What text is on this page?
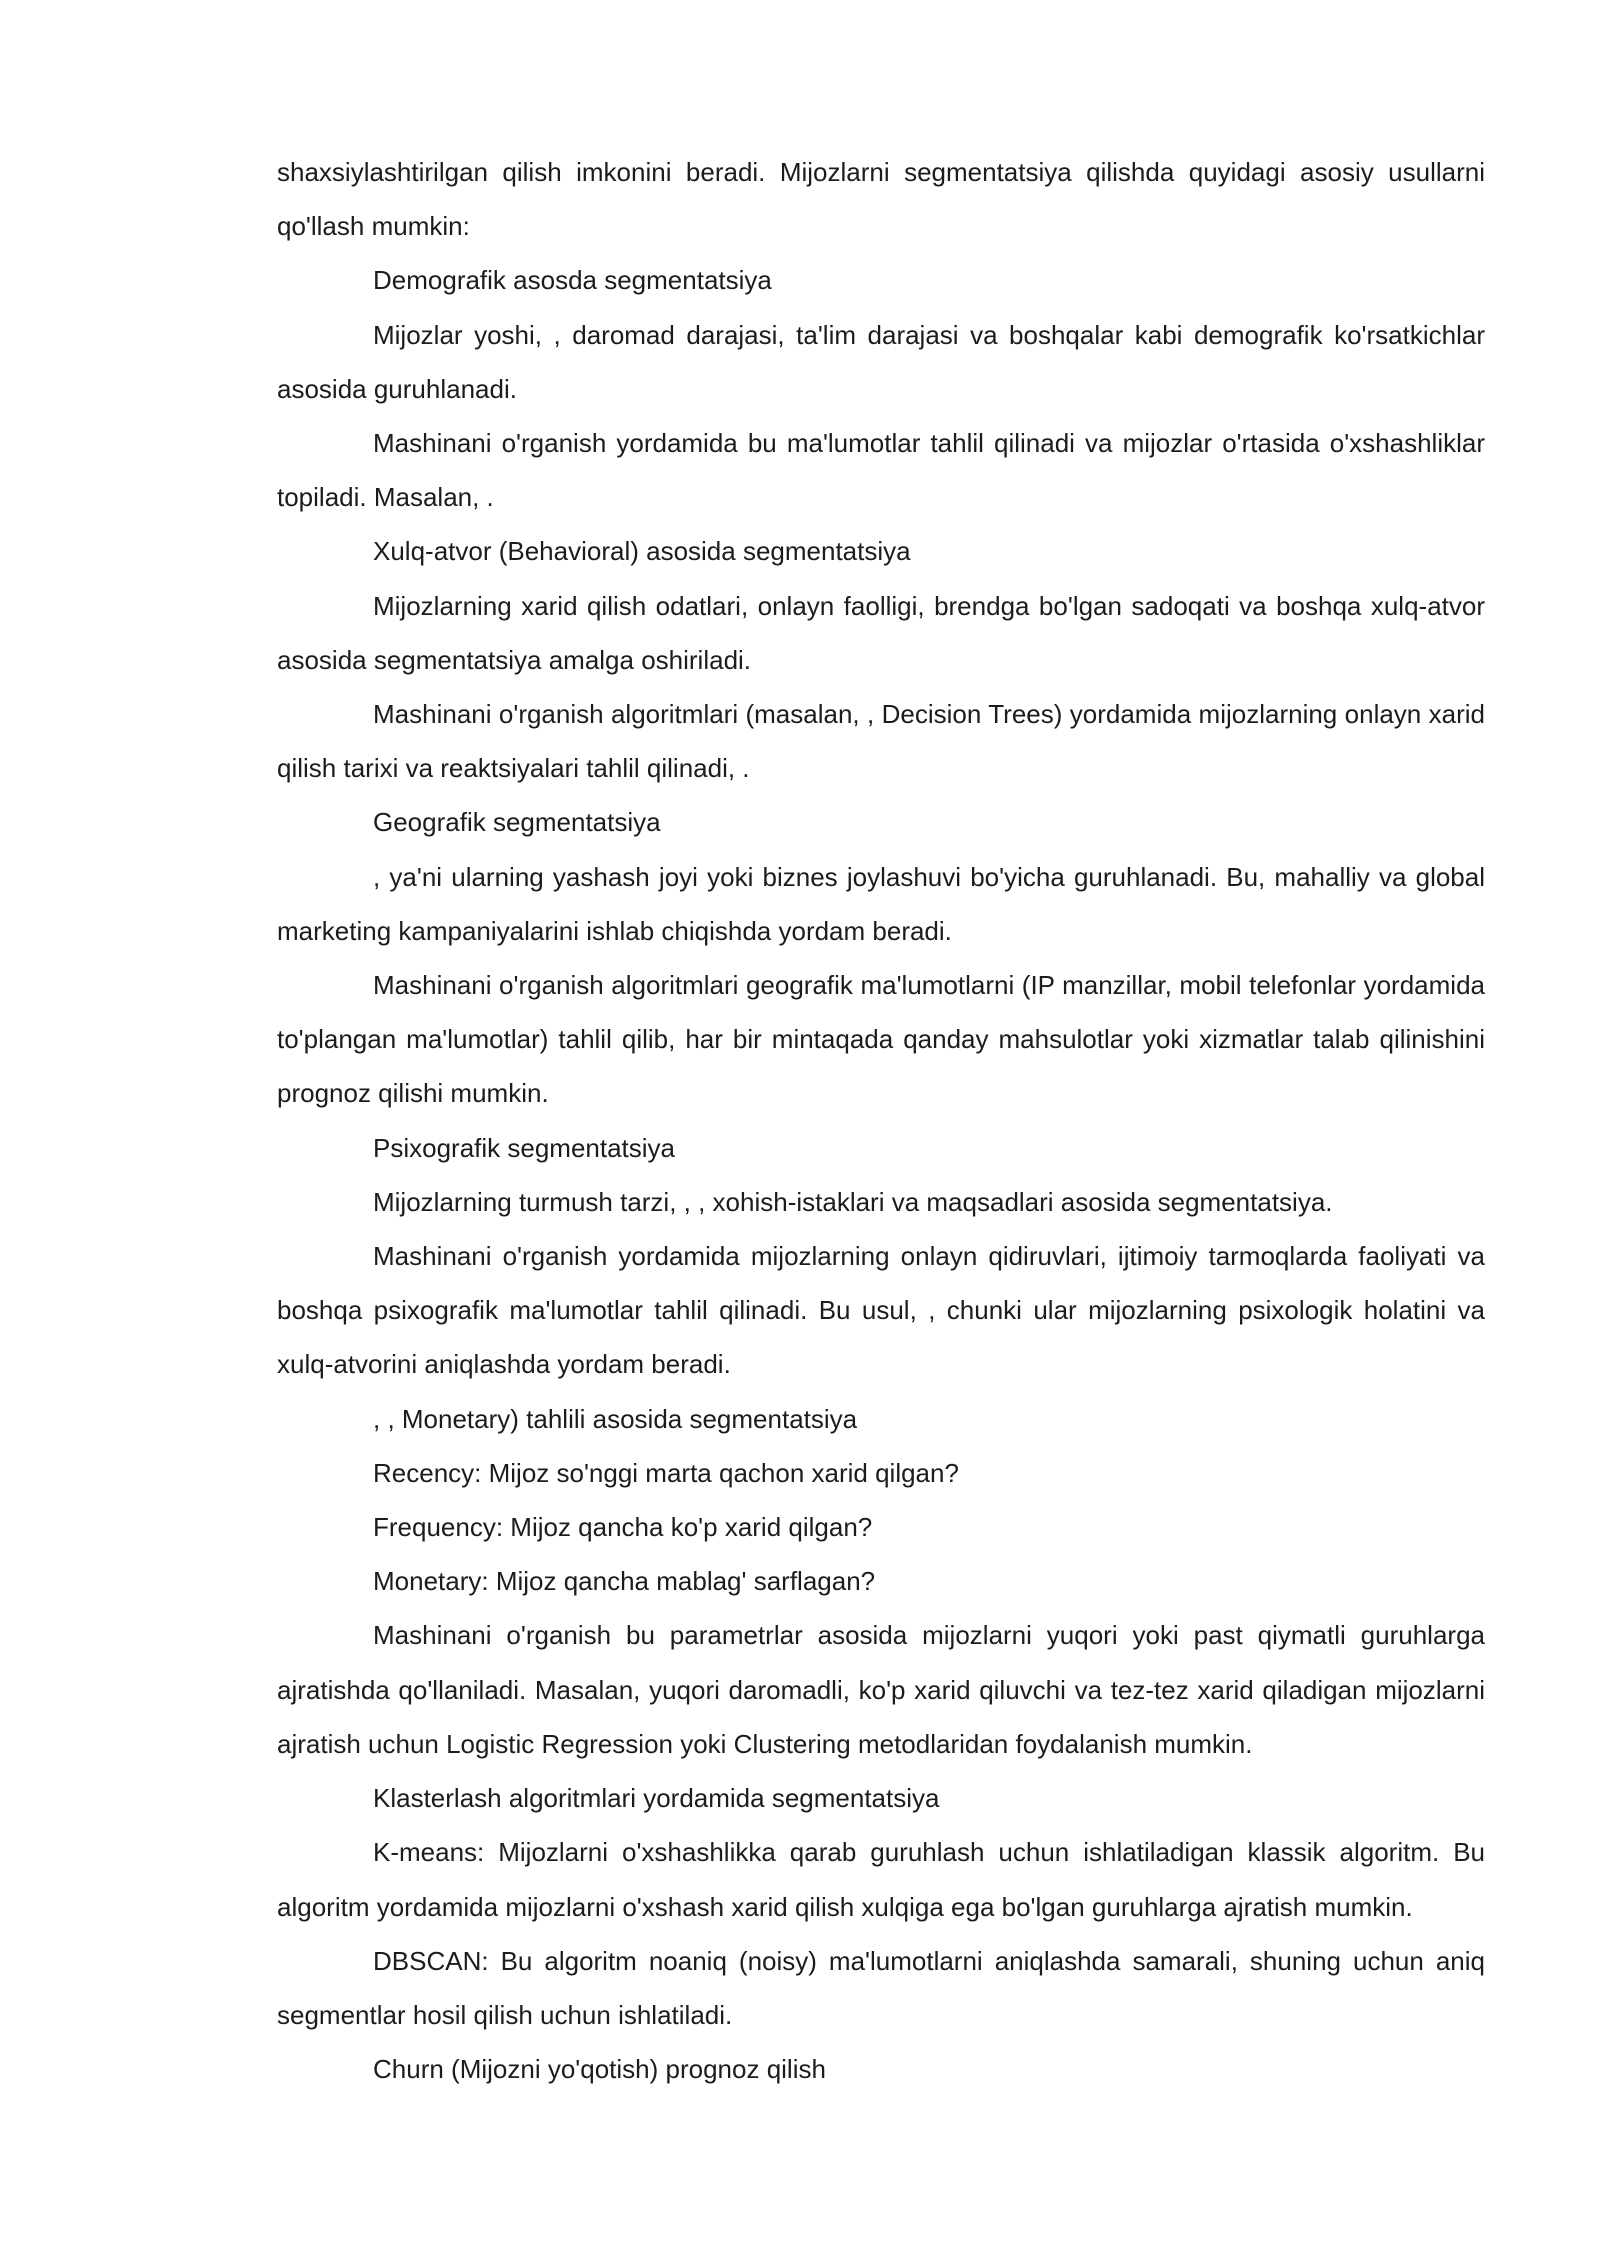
shaxsiylashtirilgan qilish imkonini beradi. Mijozlarni segmentatsiya qilishda quyidagi asosiy usullarni qo'llash mumkin:

Demografik asosda segmentatsiya

Mijozlar yoshi, , daromad darajasi, ta'lim darajasi va boshqalar kabi demografik ko'rsatkichlar asosida guruhlanadi.

Mashinani o'rganish yordamida bu ma'lumotlar tahlil qilinadi va mijozlar o'rtasida o'xshashliklar topiladi. Masalan, .

Xulq-atvor (Behavioral) asosida segmentatsiya

Mijozlarning xarid qilish odatlari, onlayn faolligi, brendga bo'lgan sadoqati va boshqa xulq-atvor asosida segmentatsiya amalga oshiriladi.

Mashinani o'rganish algoritmlari (masalan, , Decision Trees) yordamida mijozlarning onlayn xarid qilish tarixi va reaktsiyalari tahlil qilinadi, .

Geografik segmentatsiya

, ya'ni ularning yashash joyi yoki biznes joylashuvi bo'yicha guruhlanadi. Bu, mahalliy va global marketing kampaniyalarini ishlab chiqishda yordam beradi.

Mashinani o'rganish algoritmlari geografik ma'lumotlarni (IP manzillar, mobil telefonlar yordamida to'plangan ma'lumotlar) tahlil qilib, har bir mintaqada qanday mahsulotlar yoki xizmatlar talab qilinishini prognoz qilishi mumkin.

Psixografik segmentatsiya

Mijozlarning turmush tarzi, , , xohish-istaklari va maqsadlari asosida segmentatsiya.

Mashinani o'rganish yordamida mijozlarning onlayn qidiruvlari, ijtimoiy tarmoqlarda faoliyati va boshqa psixografik ma'lumotlar tahlil qilinadi. Bu usul, , chunki ular mijozlarning psixologik holatini va xulq-atvorini aniqlashda yordam beradi.

, , Monetary) tahlili asosida segmentatsiya

Recency: Mijoz so'nggi marta qachon xarid qilgan?

Frequency: Mijoz qancha ko'p xarid qilgan?

Monetary: Mijoz qancha mablag' sarflagan?

Mashinani o'rganish bu parametrlar asosida mijozlarni yuqori yoki past qiymatli guruhlarga ajratishda qo'llaniladi. Masalan, yuqori daromadli, ko'p xarid qiluvchi va tez-tez xarid qiladigan mijozlarni ajratish uchun Logistic Regression yoki Clustering metodlaridan foydalanish mumkin.

Klasterlash algoritmlari yordamida segmentatsiya

K-means: Mijozlarni o'xshashlikka qarab guruhlash uchun ishlatiladigan klassik algoritm. Bu algoritm yordamida mijozlarni o'xshash xarid qilish xulqiga ega bo'lgan guruhlarga ajratish mumkin.

DBSCAN: Bu algoritm noaniq (noisy) ma'lumotlarni aniqlashda samarali, shuning uchun aniq segmentlar hosil qilish uchun ishlatiladi.

Churn (Mijozni yo'qotish) prognoz qilish
